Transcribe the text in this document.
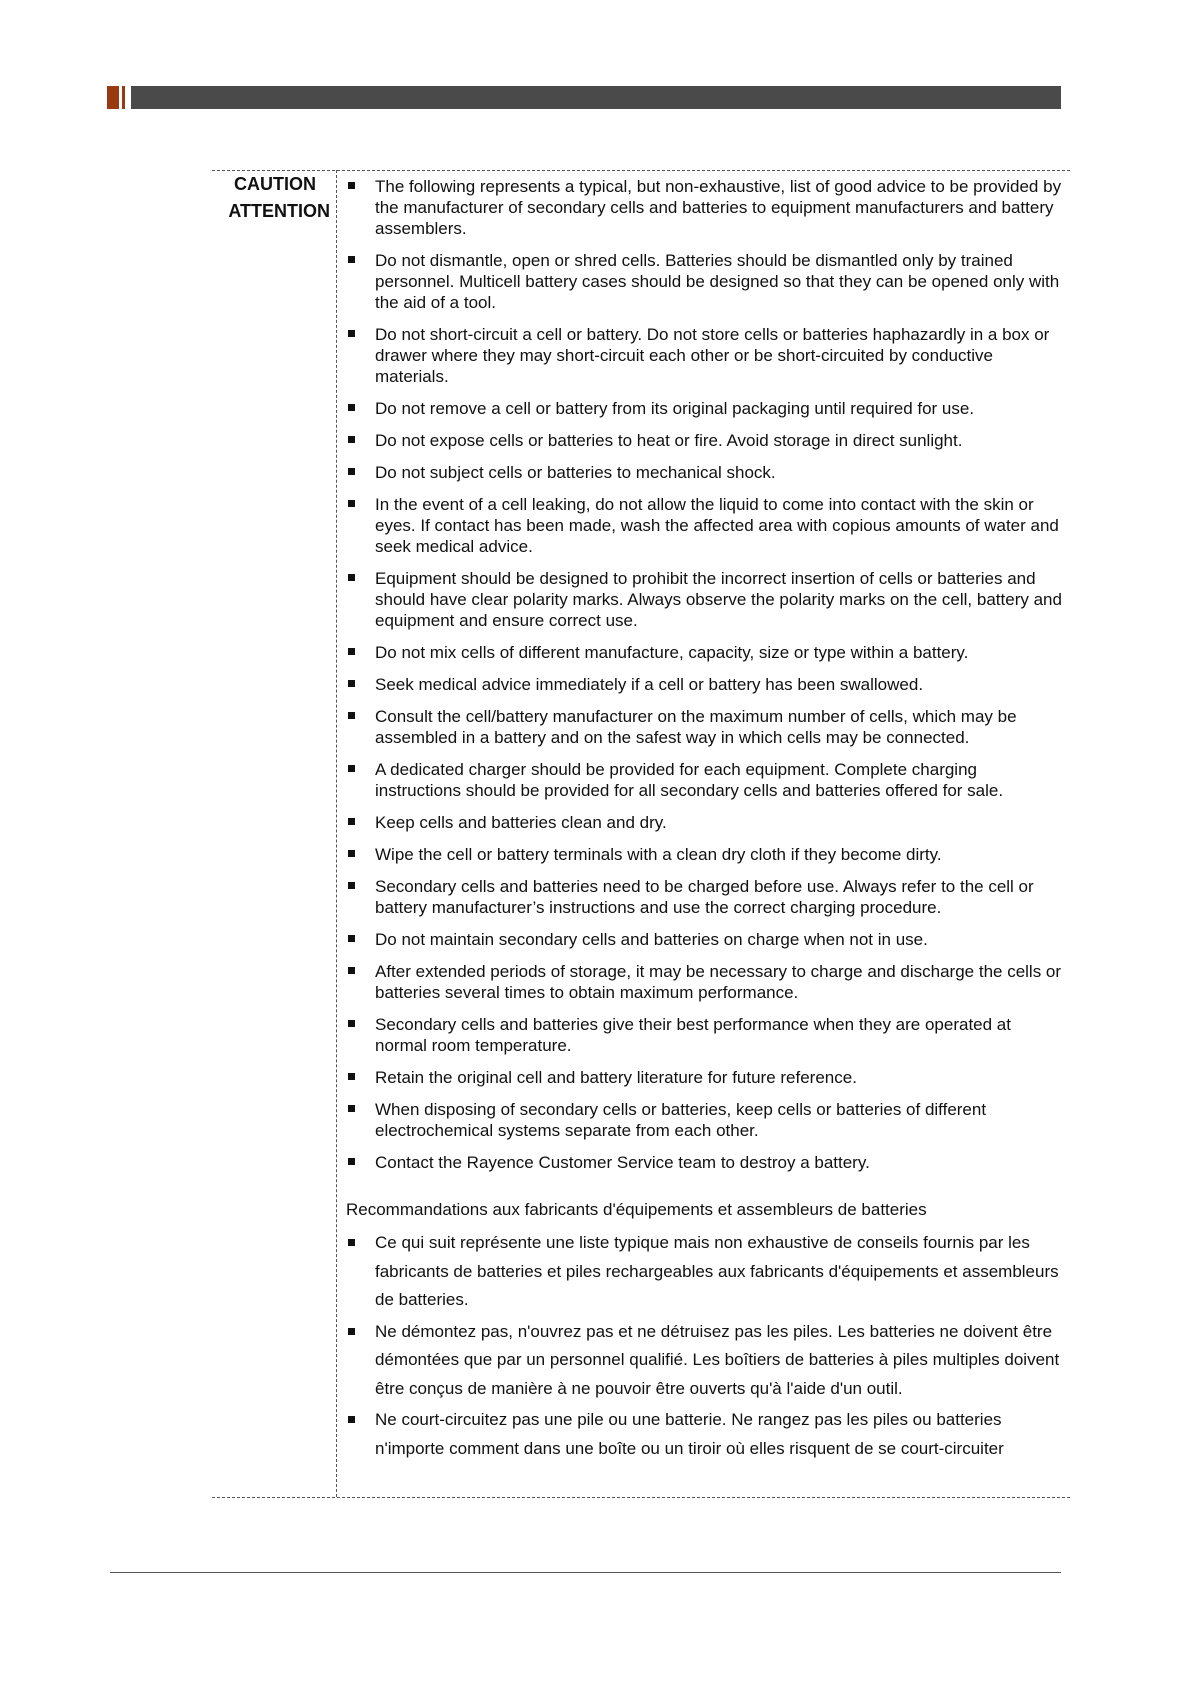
CAUTION
ATTENTION
The following represents a typical, but non-exhaustive, list of good advice to be provided by the manufacturer of secondary cells and batteries to equipment manufacturers and battery assemblers.
Do not dismantle, open or shred cells. Batteries should be dismantled only by trained personnel. Multicell battery cases should be designed so that they can be opened only with the aid of a tool.
Do not short-circuit a cell or battery. Do not store cells or batteries haphazardly in a box or drawer where they may short-circuit each other or be short-circuited by conductive materials.
Do not remove a cell or battery from its original packaging until required for use.
Do not expose cells or batteries to heat or fire. Avoid storage in direct sunlight.
Do not subject cells or batteries to mechanical shock.
In the event of a cell leaking, do not allow the liquid to come into contact with the skin or eyes. If contact has been made, wash the affected area with copious amounts of water and seek medical advice.
Equipment should be designed to prohibit the incorrect insertion of cells or batteries and should have clear polarity marks. Always observe the polarity marks on the cell, battery and equipment and ensure correct use.
Do not mix cells of different manufacture, capacity, size or type within a battery.
Seek medical advice immediately if a cell or battery has been swallowed.
Consult the cell/battery manufacturer on the maximum number of cells, which may be assembled in a battery and on the safest way in which cells may be connected.
A dedicated charger should be provided for each equipment. Complete charging instructions should be provided for all secondary cells and batteries offered for sale.
Keep cells and batteries clean and dry.
Wipe the cell or battery terminals with a clean dry cloth if they become dirty.
Secondary cells and batteries need to be charged before use. Always refer to the cell or battery manufacturer’s instructions and use the correct charging procedure.
Do not maintain secondary cells and batteries on charge when not in use.
After extended periods of storage, it may be necessary to charge and discharge the cells or batteries several times to obtain maximum performance.
Secondary cells and batteries give their best performance when they are operated at normal room temperature.
Retain the original cell and battery literature for future reference.
When disposing of secondary cells or batteries, keep cells or batteries of different electrochemical systems separate from each other.
Contact the Rayence Customer Service team to destroy a battery.
Recommandations aux fabricants d'équipements et assembleurs de batteries
Ce qui suit représente une liste typique mais non exhaustive de conseils fournis par les fabricants de batteries et piles rechargeables aux fabricants d'équipements et assembleurs de batteries.
Ne démontez pas, n'ouvrez pas et ne détruisez pas les piles. Les batteries ne doivent être démontées que par un personnel qualifié. Les boîtiers de batteries à piles multiples doivent être conçus de manière à ne pouvoir être ouverts qu'à l'aide d'un outil.
Ne court-circuitez pas une pile ou une batterie. Ne rangez pas les piles ou batteries n'importe comment dans une boîte ou un tiroir où elles risquent de se court-circuiter
